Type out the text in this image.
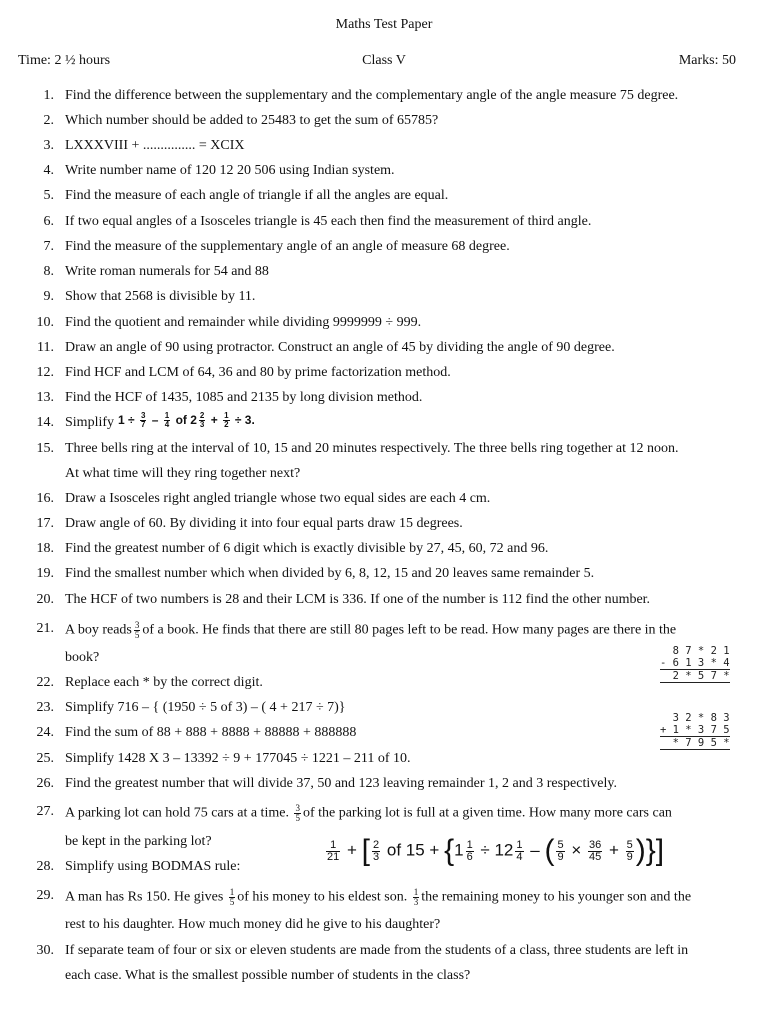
Maths Test Paper
Time: 2 ½ hours	Class V	Marks: 50
1. Find the difference between the supplementary and the complementary angle of the angle measure 75 degree.
2. Which number should be added to 25483 to get the sum of 65785?
3. LXXXVIII + ............... = XCIX
4. Write number name of 120 12 20 506 using Indian system.
5. Find the measure of each angle of triangle if all the angles are equal.
6. If two equal angles of a Isosceles triangle is 45 each then find the measurement of third angle.
7. Find the measure of the supplementary angle of an angle of measure 68 degree.
8. Write roman numerals for 54 and 88
9. Show that 2568 is divisible by 11.
10. Find the quotient and remainder while dividing 9999999 ÷ 999.
11. Draw an angle of 90 using protractor. Construct an angle of 45 by dividing the angle of 90 degree.
12. Find HCF and LCM of 64, 36 and 80 by prime factorization method.
13. Find the HCF of 1435, 1085 and 2135 by long division method.
14. Simplify $1 \div \frac{3}{7} - \frac{1}{4}$ of $2 \frac{2}{3} + \frac{1}{2} \div 3$.
15. Three bells ring at the interval of 10, 15 and 20 minutes respectively. The three bells ring together at 12 noon.
At what time will they ring together next?
16. Draw a Isosceles right angled triangle whose two equal sides are each 4 cm.
17. Draw angle of 60. By dividing it into four equal parts draw 15 degrees.
18. Find the greatest number of 6 digit which is exactly divisible by 27, 45, 60, 72 and 96.
19. Find the smallest number which when divided by 6, 8, 12, 15 and 20 leaves same remainder 5.
20. The HCF of two numbers is 28 and their LCM is 336. If one of the number is 112 find the other number.
21. A boy reads $\frac{3}{5}$ of a book. He finds that there are still 80 pages left to be read. How many pages are there in the
book?
22. Replace each * by the correct digit.
23. Simplify 716 – { (1950 ÷ 5 of 3) – ( 4 + 217 ÷ 7)}
24. Find the sum of 88 + 888 + 8888 + 88888 + 888888
25. Simplify 1428 X 3 – 13392 ÷ 9 + 177045 ÷ 1221 – 211 of 10.
26. Find the greatest number that will divide 37, 50 and 123 leaving remainder 1, 2 and 3 respectively.
27. A parking lot can hold 75 cars at a time. $\frac{3}{5}$ of the parking lot is full at a given time. How many more cars can
be kept in the parking lot?
28. Simplify using BODMAS rule:
$\frac{1}{21}$ + [ $\frac{2}{3}$ of $15 + \{1 \frac{1}{6} \div 12 \frac{1}{4}$ – ( $\frac{5}{9} \times \frac{36}{45} + \frac{5}{9}$ )}]
29. A man has Rs 150. He gives $\frac{1}{5}$ of his money to his eldest son. $\frac{1}{3}$ the remaining money to his younger son and the
rest to his daughter. How much money did he give to his daughter?
30. If separate team of four or six or eleven students are made from the students of a class, three students are left in
each case. What is the smallest possible number of students in the class?
8 7 * 2 1
- 6 1 3 * 4
2 * 5 7 *
3 2 * 8 3
+ 1 * 3 7 5
* 7 9 5 *
